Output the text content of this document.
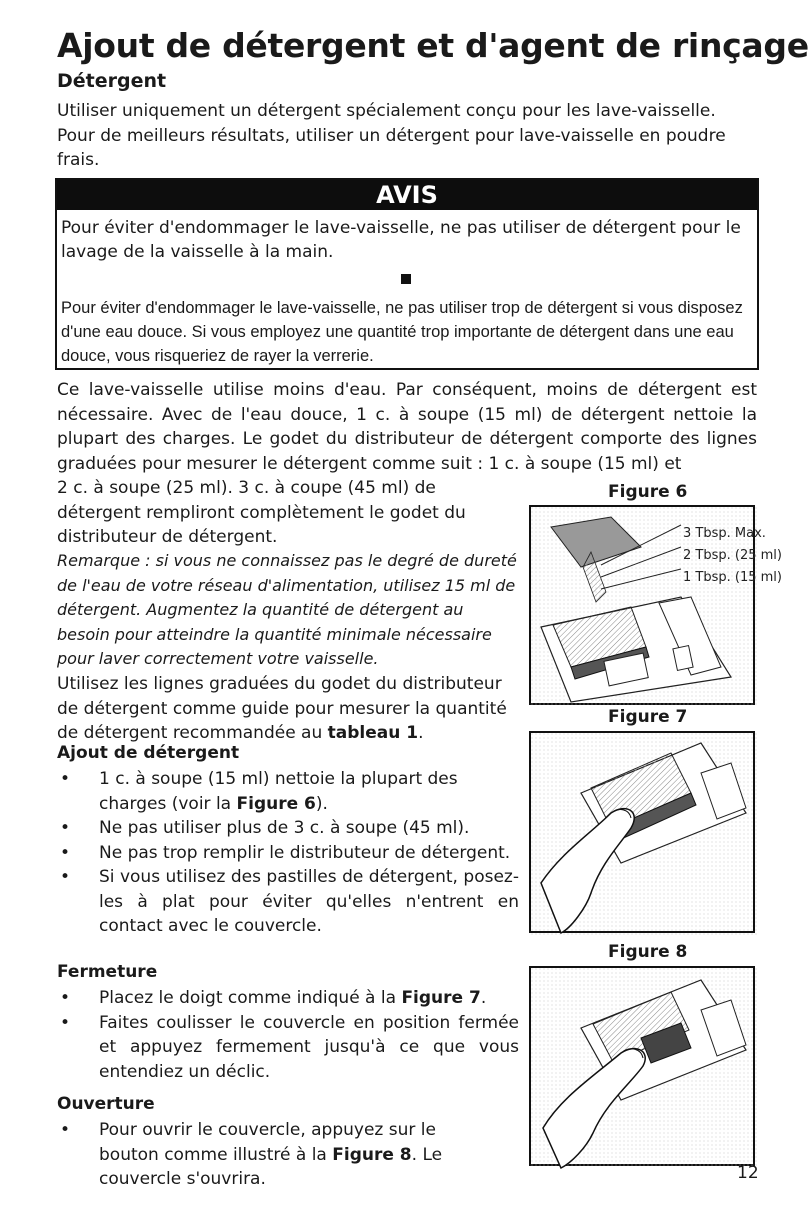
Ajout de détergent et d'agent de rinçage
Détergent

Utiliser uniquement un détergent spécialement conçu pour les lave-vaisselle. Pour de meilleurs résultats, utiliser un détergent pour lave-vaisselle en poudre frais.

AVIS

Pour éviter d'endommager le lave-vaisselle, ne pas utiliser de détergent pour le lavage de la vaisselle à la main.

Pour éviter d'endommager le lave-vaisselle, ne pas utiliser trop de détergent si vous disposez d'une eau douce. Si vous employez une quantité trop importante de détergent dans une eau douce, vous risqueriez de rayer la verrerie.

Ce lave-vaisselle utilise moins d'eau. Par conséquent, moins de détergent est nécessaire. Avec de l'eau douce, 1 c. à soupe (15 ml) de détergent nettoie la plupart des charges. Le godet du distributeur de détergent comporte des lignes graduées pour mesurer le détergent comme suit : 1 c. à soupe (15 ml) et

2 c. à soupe (25 ml). 3 c. à coupe (45 ml) de détergent rempliront complètement le godet du distributeur de détergent.

Remarque : si vous ne connaissez pas le degré de dureté de l'eau de votre réseau d'alimentation, utilisez 15 ml de détergent. Augmentez la quantité de détergent au besoin pour atteindre la quantité minimale nécessaire pour laver correctement votre vaisselle.

Utilisez les lignes graduées du godet du distributeur de détergent comme guide pour mesurer la quantité de détergent recommandée au tableau 1.

Ajout de détergent

• 1 c. à soupe (15 ml) nettoie la plupart des charges (voir la Figure 6).
• Ne pas utiliser plus de 3 c. à soupe (45 ml).
• Ne pas trop remplir le distributeur de détergent.
• Si vous utilisez des pastilles de détergent, posez-les à plat pour éviter qu'elles n'entrent en contact avec le couvercle.

Fermeture

• Placez le doigt comme indiqué à la Figure 7.
• Faites coulisser le couvercle en position fermée et appuyez fermement jusqu'à ce que vous entendiez un déclic.

Ouverture

• Pour ouvrir le couvercle, appuyez sur le bouton comme illustré à la Figure 8. Le couvercle s'ouvrira.

Figure 6

3 Tbsp. Max.
2 Tbsp. (25 ml)
1 Tbsp. (15 ml)

Figure 7

Figure 8

12
